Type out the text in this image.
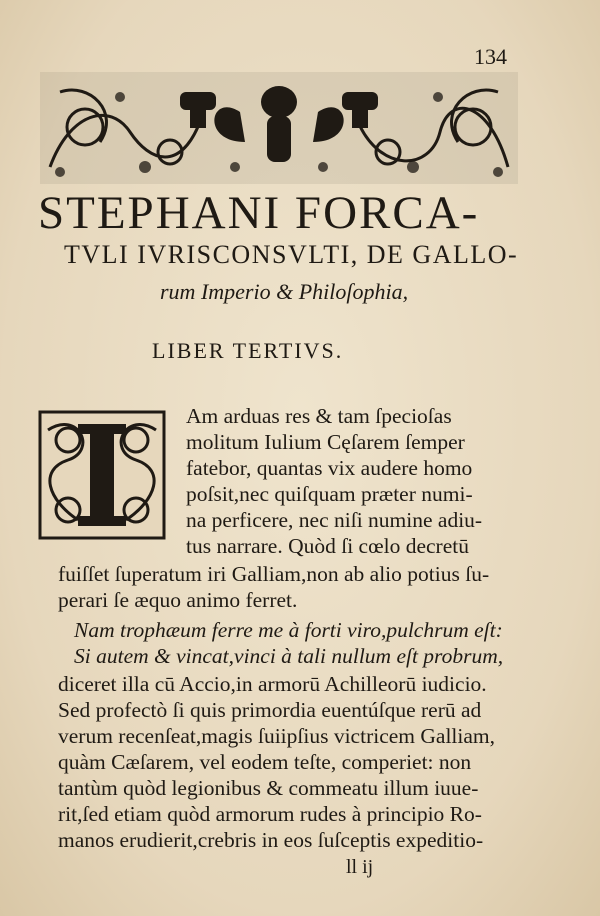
134
STEPHANI FORCA-
TVLI IVRISCONSVLTI, DE GALLO-
rum Imperio & Philoſophia,
LIBER TERTIVS.
Am arduas res & tam ſpecioſas
molitum Iulium Cęſarem ſemper
fatebor, quantas vix audere homo
poſsit,nec quiſquam præter numi-
na perficere, nec niſi numine adiu-
tus narrare. Quòd ſi cœlo decretū
fuiſſet ſuperatum iri Galliam,non ab alio potius ſu-
perari ſe æquo animo ferret.
Nam trophæum ferre me à forti viro,pulchrum eſt:
Si autem & vincat,vinci à tali nullum eſt probrum,
diceret illa cū Accio,in armorū Achilleorū iudicio.
Sed profectò ſi quis primordia euentúſque rerū ad
verum recenſeat,magis ſuiipſius victricem Galliam,
quàm Cæſarem, vel eodem teſte, comperiet: non
tantùm quòd legionibus & commeatu illum iuue-
rit,ſed etiam quòd armorum rudes à principio Ro-
manos erudierit,crebris in eos ſuſceptis expeditio-
ll ij
